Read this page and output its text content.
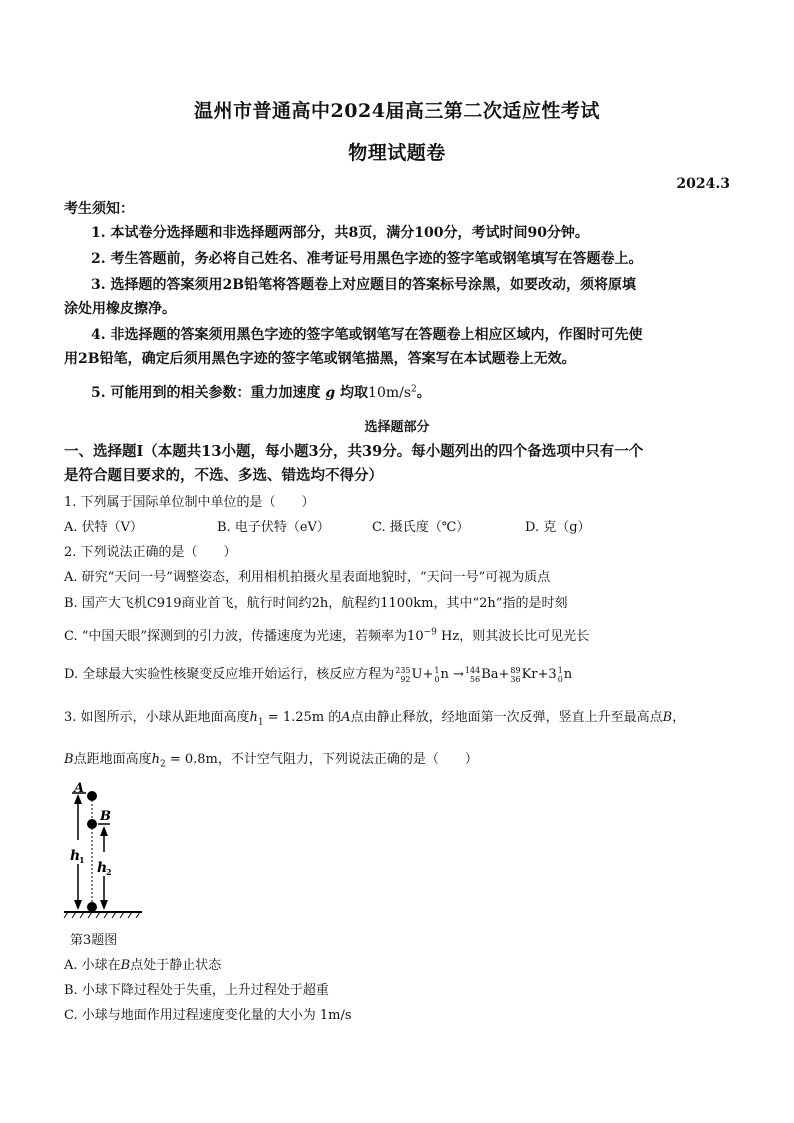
温州市普通高中2024届高三第二次适应性考试
物理试题卷
2024.3
考生须知：
1. 本试卷分选择题和非选择题两部分，共8页，满分100分，考试时间90分钟。
2. 考生答题前，务必将自己姓名、准考证号用黑色字迹的签字笔或钢笔填写在答题卷上。
3. 选择题的答案须用2B铅笔将答题卷上对应题目的答案标号涂黑，如要改动，须将原填
涂处用橡皮擦净。
4. 非选择题的答案须用黑色字迹的签字笔或钢笔写在答题卷上相应区域内，作图时可先使
用2B铅笔，确定后须用黑色字迹的签字笔或钢笔描黑，答案写在本试题卷上无效。
5. 可能用到的相关参数：重力加速度 g 均取$10m/s^2$。
选择题部分
一、选择题Ⅰ（本题共13小题，每小题3分，共39分。每小题列出的四个备选项中只有一个
是符合题目要求的，不选、多选、错选均不得分）
1. 下列属于国际单位制中单位的是（　　）
A. 伏特（V）	B. 电子伏特（eV）	C. 摄氏度（℃）	D. 克（g）
2. 下列说法正确的是（　　）
A. 研究“天问一号”调整姿态，利用相机拍摄火星表面地貌时，“天问一号”可视为质点
B. 国产大飞机C919商业首飞，航行时间约2h，航程约1100km，其中“2h”指的是时刻
C. “中国天眼”探测到的引力波，传播速度为光速，若频率为$10^{-9}$ Hz，则其波长比可见光长
D. 全球最大实验性核聚变反应堆开始运行，核反应方程为 235
92 U+ 1
0 n → 144
56 Ba+ 89
36 Kr+3 1
0 n
3. 如图所示，小球从距地面高度$h_1 = 1.25m$ 的A点由静止释放，经地面第一次反弹，竖直上升至最高点B，
B点距地面高度$h_2 = 0.8m$，不计空气阻力，下列说法正确的是（　　）
A
B
h
1 h
2
第3题图
A. 小球在B点处于静止状态
B. 小球下降过程处于失重，上升过程处于超重
C. 小球与地面作用过程速度变化量的大小为 1m/s
